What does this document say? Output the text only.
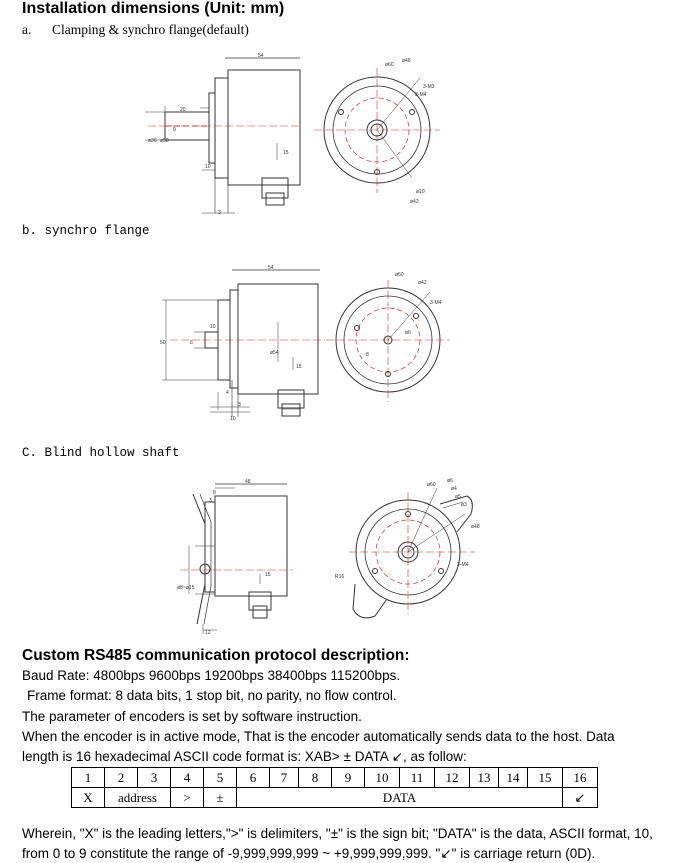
Installation dimensions (Unit: mm)
a. Clamping & synchro flange(default)
54
20
9
10
15
3
ø36 ø58
ø60
ø48
3-M4
ø10
3-M3
ø42
b. synchro flange
54
10
50	6
ø54
15
4
3
10
ø60
ø42
ø6
3-M4
8
C. Blind hollow shaft
48
8
3
ø8~ø15
15
12
ø60
ø48
R16
3-M4
ø6
ø4
ø5
ø3
Custom RS485 communication protocol description:
Baud Rate: 4800bps 9600bps 19200bps 38400bps 115200bps.
Frame format: 8 data bits, 1 stop bit, no parity, no flow control.
The parameter of encoders is set by software instruction.
When the encoder is in active mode, That is the encoder automatically sends data to the host. Data
length is 16 hexadecimal ASCII code format is: XAB> ± DATA ↙, as follow:
1	2	3	4	5	6	7	8	9	10	11	12	13	14	15	16
X	address		>	±	DATA										↙
Wherein, "X" is the leading letters,">" is delimiters, "±" is the sign bit; "DATA" is the data, ASCII format, 10,
from 0 to 9 constitute the range of -9,999,999,999 ~ +9,999,999,999. "↙" is carriage return (0D).
